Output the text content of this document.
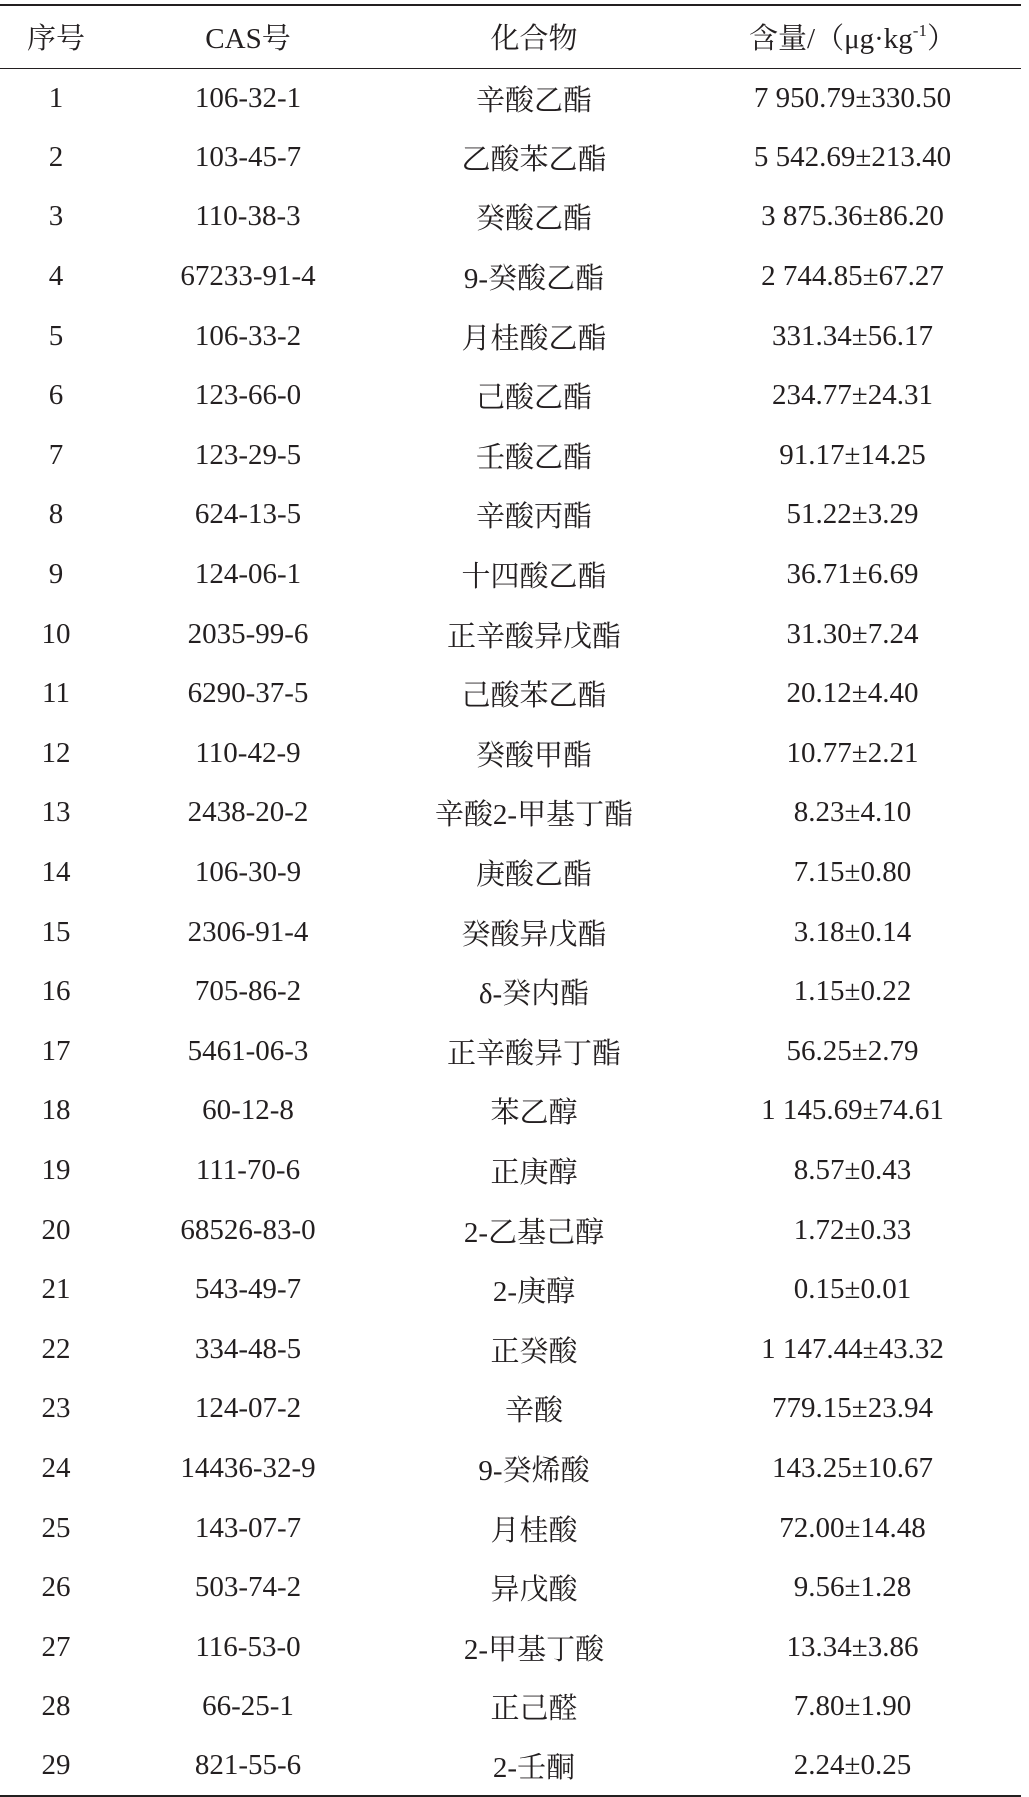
序号	CAS号	化合物	含量$/(\mu g\cdot kg^{-1})$
1	106-32-1	辛酸乙酯	7 950.79±330.50
2	103-45-7	乙酸苯乙酯	5 542.69±213.40
3	110-38-3	癸酸乙酯	3 875.36±86.20
4	67233-91-4	9-癸酸乙酯	2 744.85±67.27
5	106-33-2	月桂酸乙酯	331.34±56.17
6	123-66-0	己酸乙酯	234.77±24.31
7	123-29-5	壬酸乙酯	91.17±14.25
8	624-13-5	辛酸丙酯	51.22±3.29
9	124-06-1	十四酸乙酯	36.71±6.69
10	2035-99-6	正辛酸异戊酯	31.30±7.24
11	6290-37-5	己酸苯乙酯	20.12±4.40
12	110-42-9	癸酸甲酯	10.77±2.21
13	2438-20-2	辛酸2-甲基丁酯	8.23±4.10
14	106-30-9	庚酸乙酯	7.15±0.80
15	2306-91-4	癸酸异戊酯	3.18±0.14
16	705-86-2	δ-癸内酯	1.15±0.22
17	5461-06-3	正辛酸异丁酯	56.25±2.79
18	60-12-8	苯乙醇	1 145.69±74.61
19	111-70-6	正庚醇	8.57±0.43
20	68526-83-0	2-乙基己醇	1.72±0.33
21	543-49-7	2-庚醇	0.15±0.01
22	334-48-5	正癸酸	1 147.44±43.32
23	124-07-2	辛酸	779.15±23.94
24	14436-32-9	9-癸烯酸	143.25±10.67
25	143-07-7	月桂酸	72.00±14.48
26	503-74-2	异戊酸	9.56±1.28
27	116-53-0	2-甲基丁酸	13.34±3.86
28	66-25-1	正己醛	7.80±1.90
29	821-55-6	2-壬酮	2.24±0.25
